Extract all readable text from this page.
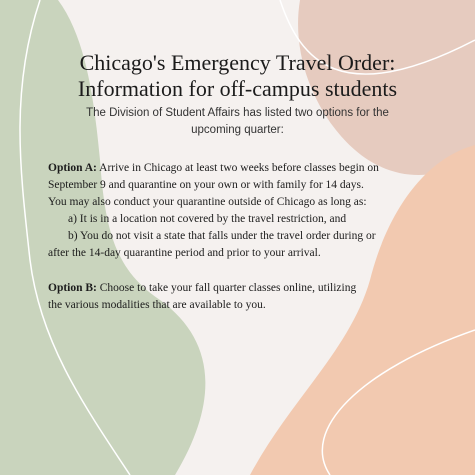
Chicago's Emergency Travel Order:
Information for off-campus students

The Division of Student Affairs has listed two options for the

upcoming quarter:

Option A: Arrive in Chicago at least two weeks before classes begin on

September 9 and quarantine on your own or with family for 14 days.

You may also conduct your quarantine outside of Chicago as long as:

a) It is in a location not covered by the travel restriction, and

b) You do not visit a state that falls under the travel order during or

after the 14-day quarantine period and prior to your arrival.

Option B: Choose to take your fall quarter classes online, utilizing

the various modalities that are available to you.
